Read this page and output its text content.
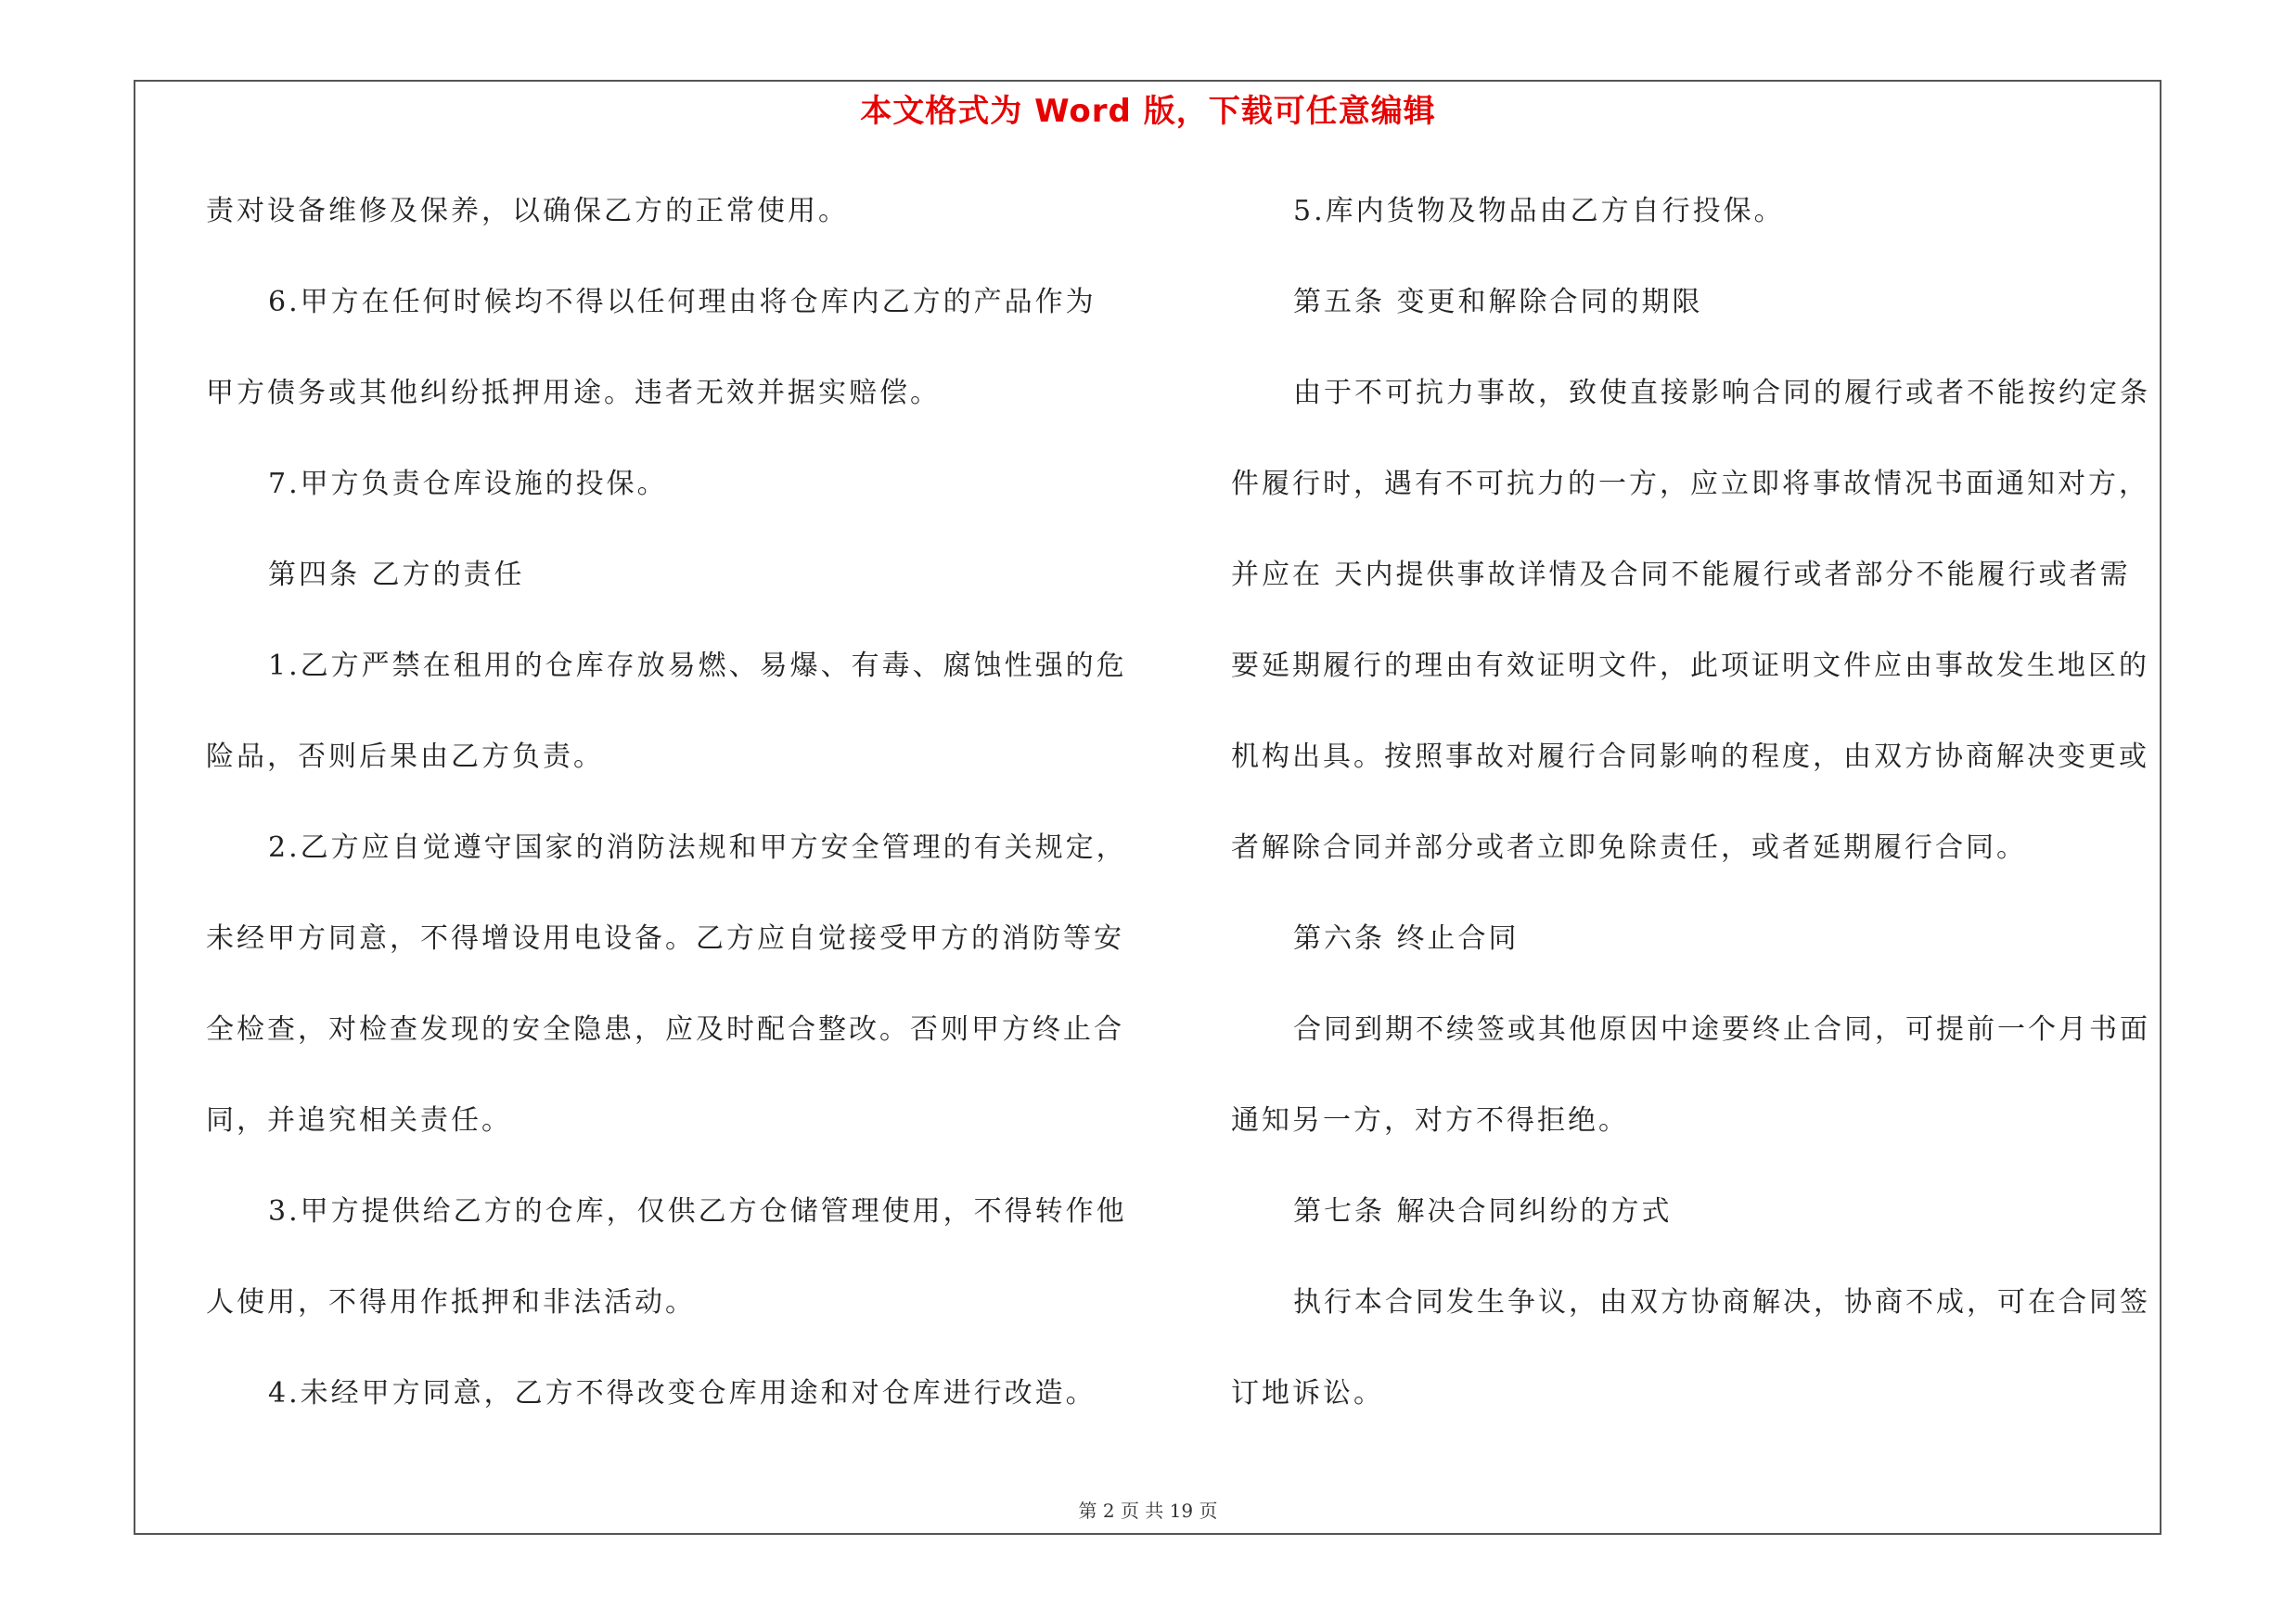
本文格式为 Word 版，下载可任意编辑
责对设备维修及保养，以确保乙方的正常使用。
6.甲方在任何时候均不得以任何理由将仓库内乙方的产品作为
甲方债务或其他纠纷抵押用途。违者无效并据实赔偿。
7.甲方负责仓库设施的投保。
第四条 乙方的责任
1.乙方严禁在租用的仓库存放易燃、易爆、有毒、腐蚀性强的危
险品，否则后果由乙方负责。
2.乙方应自觉遵守国家的消防法规和甲方安全管理的有关规定，
未经甲方同意，不得增设用电设备。乙方应自觉接受甲方的消防等安
全检查，对检查发现的安全隐患，应及时配合整改。否则甲方终止合
同，并追究相关责任。
3.甲方提供给乙方的仓库，仅供乙方仓储管理使用，不得转作他
人使用，不得用作抵押和非法活动。
4.未经甲方同意，乙方不得改变仓库用途和对仓库进行改造。
5.库内货物及物品由乙方自行投保。
第五条 变更和解除合同的期限
由于不可抗力事故，致使直接影响合同的履行或者不能按约定条
件履行时，遇有不可抗力的一方，应立即将事故情况书面通知对方，
并应在 天内提供事故详情及合同不能履行或者部分不能履行或者需
要延期履行的理由有效证明文件，此项证明文件应由事故发生地区的
机构出具。按照事故对履行合同影响的程度，由双方协商解决变更或
者解除合同并部分或者立即免除责任，或者延期履行合同。
第六条 终止合同
合同到期不续签或其他原因中途要终止合同，可提前一个月书面
通知另一方，对方不得拒绝。
第七条 解决合同纠纷的方式
执行本合同发生争议，由双方协商解决，协商不成，可在合同签
订地诉讼。
第 2 页 共 19 页
